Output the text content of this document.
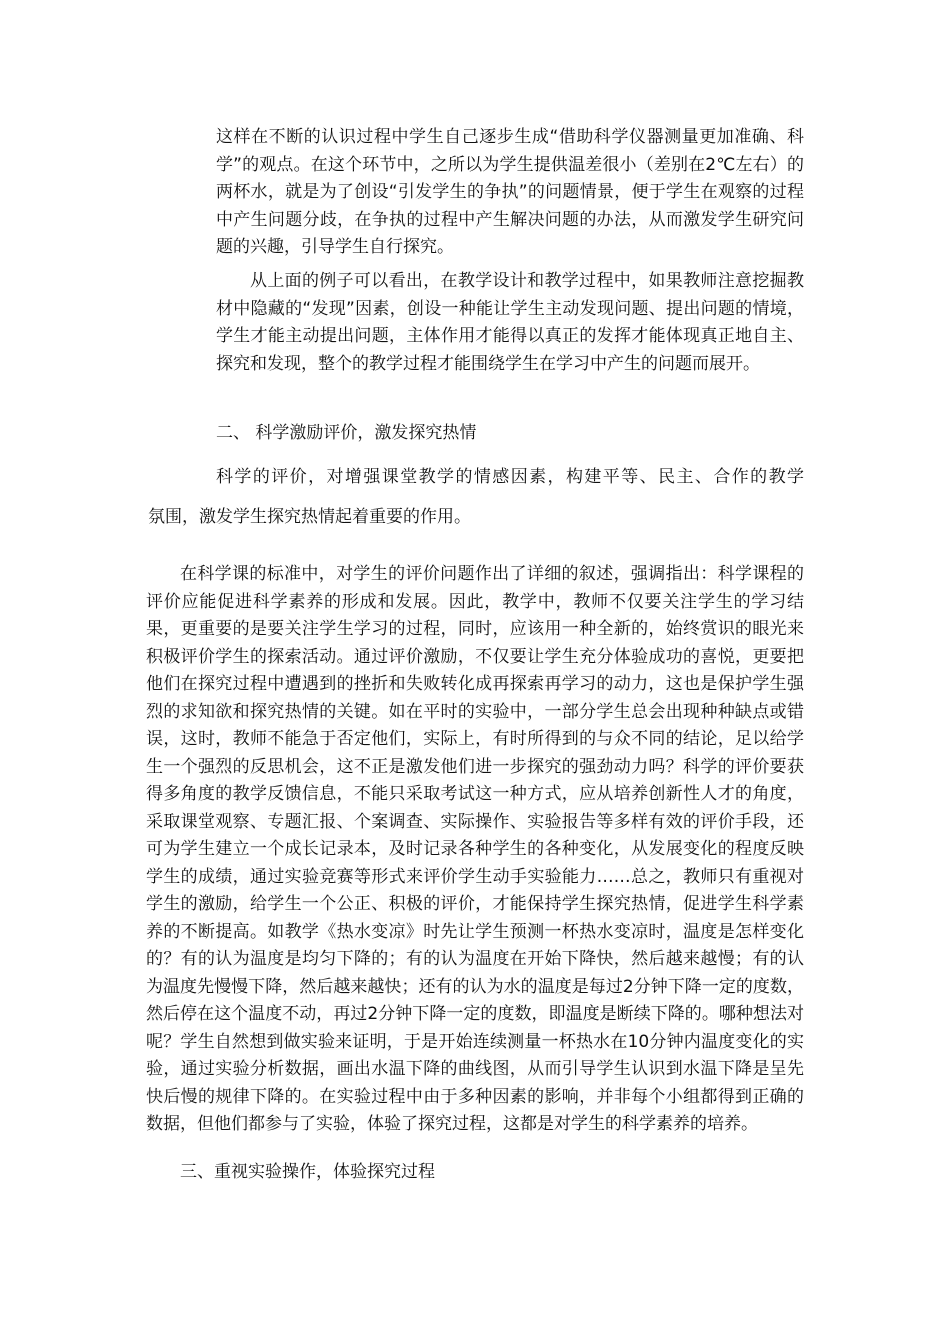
这样在不断的认识过程中学生自己逐步生成“借助科学仪器测量更加准确、科学”的观点。在这个环节中，之所以为学生提供温差很小（差别在2℃左右）的两杯水，就是为了创设“引发学生的争执”的问题情景，便于学生在观察的过程中产生问题分歧，在争执的过程中产生解决问题的办法，从而激发学生研究问题的兴趣，引导学生自行探究。

从上面的例子可以看出，在教学设计和教学过程中，如果教师注意挖掘教材中隐藏的“发现”因素，创设一种能让学生主动发现问题、提出问题的情境，学生才能主动提出问题，主体作用才能得以真正的发挥才能体现真正地自主、探究和发现，整个的教学过程才能围绕学生在学习中产生的问题而展开。

二、 科学激励评价，激发探究热情

科学的评价，对增强课堂教学的情感因素，构建平等、民主、合作的教学

氛围，激发学生探究热情起着重要的作用。

在科学课的标准中，对学生的评价问题作出了详细的叙述，强调指出：科学课程的评价应能促进科学素养的形成和发展。因此，教学中，教师不仅要关注学生的学习结果，更重要的是要关注学生学习的过程，同时，应该用一种全新的，始终赏识的眼光来积极评价学生的探索活动。通过评价激励，不仅要让学生充分体验成功的喜悦，更要把他们在探究过程中遭遇到的挫折和失败转化成再探索再学习的动力，这也是保护学生强烈的求知欲和探究热情的关键。如在平时的实验中，一部分学生总会出现种种缺点或错误，这时，教师不能急于否定他们，实际上，有时所得到的与众不同的结论，足以给学生一个强烈的反思机会，这不正是激发他们进一步探究的强劲动力吗？科学的评价要获得多角度的教学反馈信息，不能只采取考试这一种方式，应从培养创新性人才的角度，采取课堂观察、专题汇报、个案调查、实际操作、实验报告等多样有效的评价手段，还可为学生建立一个成长记录本，及时记录各种学生的各种变化，从发展变化的程度反映学生的成绩，通过实验竞赛等形式来评价学生动手实验能力……总之，教师只有重视对学生的激励，给学生一个公正、积极的评价，才能保持学生探究热情，促进学生科学素养的不断提高。如教学《热水变凉》时先让学生预测一杯热水变凉时，温度是怎样变化的？有的认为温度是均匀下降的；有的认为温度在开始下降快，然后越来越慢；有的认为温度先慢慢下降，然后越来越快；还有的认为水的温度是每过2分钟下降一定的度数，然后停在这个温度不动，再过2分钟下降一定的度数，即温度是断续下降的。哪种想法对呢？学生自然想到做实验来证明，于是开始连续测量一杯热水在10分钟内温度变化的实验，通过实验分析数据，画出水温下降的曲线图，从而引导学生认识到水温下降是呈先快后慢的规律下降的。在实验过程中由于多种因素的影响，并非每个小组都得到正确的数据，但他们都参与了实验，体验了探究过程，这都是对学生的科学素养的培养。

三、重视实验操作，体验探究过程
